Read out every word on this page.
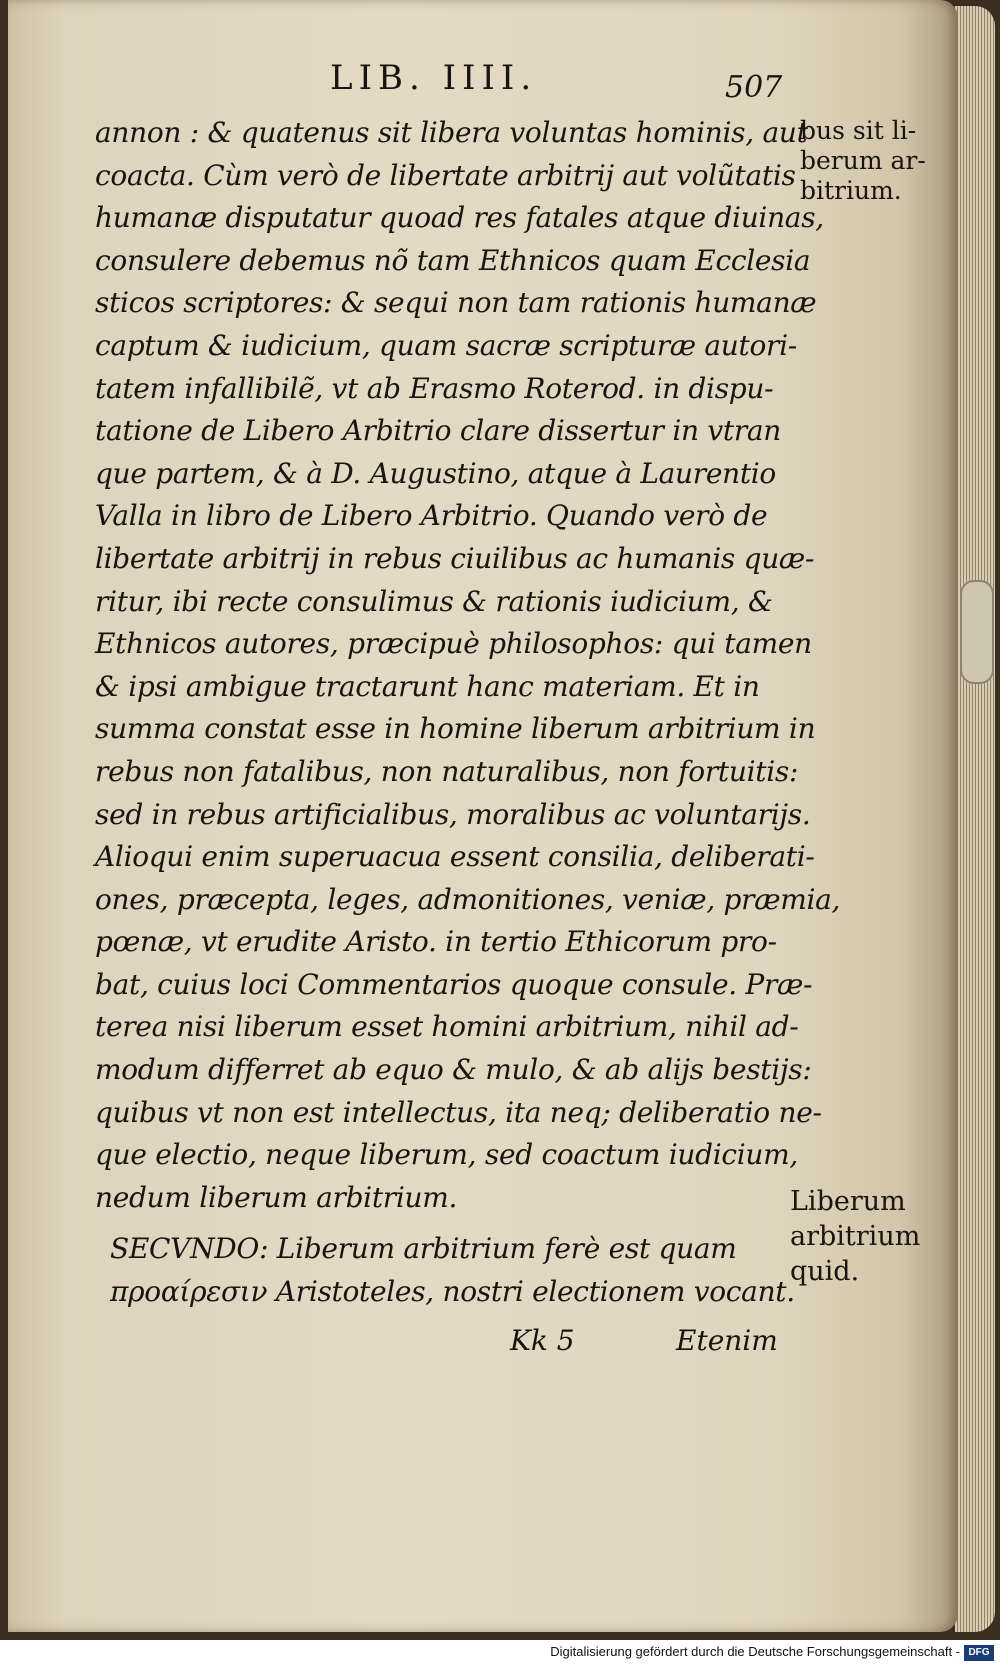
LIB. IIII.	507
annon : & quatenus sit libera voluntas hominis, aut
coacta. Cùm verò de libertate arbitrij aut volũtatis
humanæ disputatur quoad res fatales atque diuinas,
consulere debemus nõ tam Ethnicos quam Ecclesia
sticos scriptores: & sequi non tam rationis humanæ
captum & iudicium, quam sacræ scripturæ autori-
tatem infallibilẽ, vt ab Erasmo Roterod. in dispu-
tatione de Libero Arbitrio clare dissertur in vtran
que partem, & à D. Augustino, atque à Laurentio
Valla in libro de Libero Arbitrio. Quando verò de
libertate arbitrij in rebus ciuilibus ac humanis quæ-
ritur, ibi recte consulimus & rationis iudicium, &
Ethnicos autores, præcipuè philosophos: qui tamen
& ipsi ambigue tractarunt hanc materiam. Et in
summa constat esse in homine liberum arbitrium in
rebus non fatalibus, non naturalibus, non fortuitis:
sed in rebus artificialibus, moralibus ac voluntarijs.
Alioqui enim superuacua essent consilia, deliberati-
ones, præcepta, leges, admonitiones, veniæ, præmia,
pœnæ, vt erudite Aristo. in tertio Ethicorum pro-
bat, cuius loci Commentarios quoque consule. Præ-
terea nisi liberum esset homini arbitrium, nihil ad-
modum differret ab equo & mulo, & ab alijs bestijs:
quibus vt non est intellectus, ita neq; deliberatio ne-
que electio, neque liberum, sed coactum iudicium,
nedum liberum arbitrium.
bus sit li-
berum ar-
bitrium.
Liberum
arbitrium
quid.
SECVNDO: Liberum arbitrium ferè est quam
προαίρεσιν Aristoteles, nostri electionem vocant.
Kk 5	Etenim
Digitalisierung gefördert durch die Deutsche Forschungsgemeinschaft - DFG
